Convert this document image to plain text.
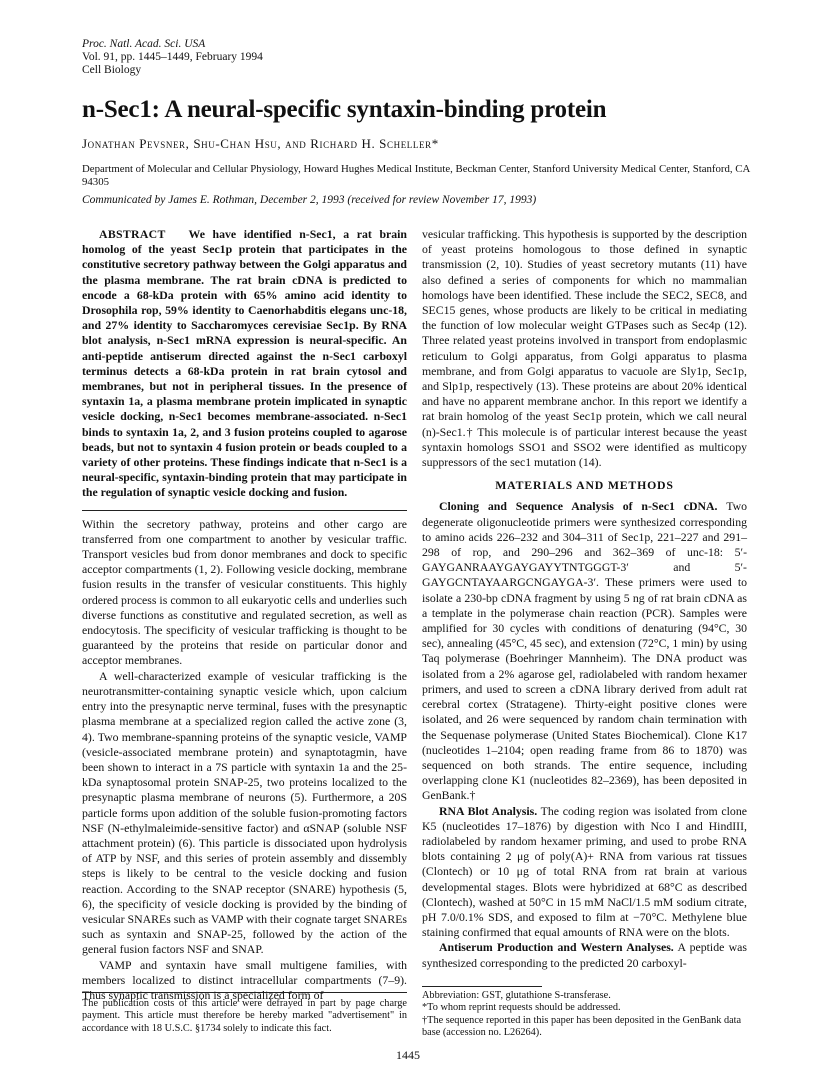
Proc. Natl. Acad. Sci. USA
Vol. 91, pp. 1445–1449, February 1994
Cell Biology
n-Sec1: A neural-specific syntaxin-binding protein
Jonathan Pevsner, Shu-Chan Hsu, and Richard H. Scheller*
Department of Molecular and Cellular Physiology, Howard Hughes Medical Institute, Beckman Center, Stanford University Medical Center, Stanford, CA 94305
Communicated by James E. Rothman, December 2, 1993 (received for review November 17, 1993)

ABSTRACT We have identified n-Sec1, a rat brain homolog of the yeast Sec1p protein that participates in the constitutive secretory pathway between the Golgi apparatus and the plasma membrane. The rat brain cDNA is predicted to encode a 68-kDa protein with 65% amino acid identity to Drosophila rop, 59% identity to Caenorhabditis elegans unc-18, and 27% identity to Saccharomyces cerevisiae Sec1p. By RNA blot analysis, n-Sec1 mRNA expression is neural-specific. An anti-peptide antiserum directed against the n-Sec1 carboxyl terminus detects a 68-kDa protein in rat brain cytosol and membranes, but not in peripheral tissues. In the presence of syntaxin 1a, a plasma membrane protein implicated in synaptic vesicle docking, n-Sec1 becomes membrane-associated. n-Sec1 binds to syntaxin 1a, 2, and 3 fusion proteins coupled to agarose beads, but not to syntaxin 4 fusion protein or beads coupled to a variety of other proteins. These findings indicate that n-Sec1 is a neural-specific, syntaxin-binding protein that may participate in the regulation of synaptic vesicle docking and fusion.

Within the secretory pathway, proteins and other cargo are transferred from one compartment to another by vesicular traffic. Transport vesicles bud from donor membranes and dock to specific acceptor compartments (1, 2). Following vesicle docking, membrane fusion results in the transfer of vesicular constituents. This highly ordered process is common to all eukaryotic cells and underlies such diverse functions as constitutive and regulated secretion, as well as endocytosis. The specificity of vesicular trafficking is thought to be guaranteed by the proteins that reside on particular donor and acceptor membranes.

A well-characterized example of vesicular trafficking is the neurotransmitter-containing synaptic vesicle which, upon calcium entry into the presynaptic nerve terminal, fuses with the presynaptic plasma membrane at a specialized region called the active zone (3, 4). Two membrane-spanning proteins of the synaptic vesicle, VAMP (vesicle-associated membrane protein) and synaptotagmin, have been shown to interact in a 7S particle with syntaxin 1a and the 25-kDa synaptosomal protein SNAP-25, two proteins localized to the presynaptic plasma membrane of neurons (5). Furthermore, a 20S particle forms upon addition of the soluble fusion-promoting factors NSF (N-ethylmaleimide-sensitive factor) and αSNAP (soluble NSF attachment protein) (6). This particle is dissociated upon hydrolysis of ATP by NSF, and this series of protein assembly and dissembly steps is likely to be central to the vesicle docking and fusion reaction. According to the SNAP receptor (SNARE) hypothesis (5, 6), the specificity of vesicle docking is provided by the binding of vesicular SNAREs such as VAMP with their cognate target SNAREs such as syntaxin and SNAP-25, followed by the action of the general fusion factors NSF and SNAP.

VAMP and syntaxin have small multigene families, with members localized to distinct intracellular compartments (7–9). Thus synaptic transmission is a specialized form of

vesicular trafficking. This hypothesis is supported by the description of yeast proteins homologous to those defined in synaptic transmission (2, 10). Studies of yeast secretory mutants (11) have also defined a series of components for which no mammalian homologs have been identified. These include the SEC2, SEC8, and SEC15 genes, whose products are likely to be critical in mediating the function of low molecular weight GTPases such as Sec4p (12). Three related yeast proteins involved in transport from endoplasmic reticulum to Golgi apparatus, from Golgi apparatus to plasma membrane, and from Golgi apparatus to vacuole are Sly1p, Sec1p, and Slp1p, respectively (13). These proteins are about 20% identical and have no apparent membrane anchor. In this report we identify a rat brain homolog of the yeast Sec1p protein, which we call neural (n)-Sec1.† This molecule is of particular interest because the yeast syntaxin homologs SSO1 and SSO2 were identified as multicopy suppressors of the sec1 mutation (14).

MATERIALS AND METHODS

Cloning and Sequence Analysis of n-Sec1 cDNA. Two degenerate oligonucleotide primers were synthesized corresponding to amino acids 226–232 and 304–311 of Sec1p, 221–227 and 291–298 of rop, and 290–296 and 362–369 of unc-18: 5′-GAYGANRAAYGAYGAYYTNTGGGT-3′ and 5′-GAYGCNTAYAARGCNGAYGA-3′. These primers were used to isolate a 230-bp cDNA fragment by using 5 ng of rat brain cDNA as a template in the polymerase chain reaction (PCR). Samples were amplified for 30 cycles with conditions of denaturing (94°C, 30 sec), annealing (45°C, 45 sec), and extension (72°C, 1 min) by using Taq polymerase (Boehringer Mannheim). The DNA product was isolated from a 2% agarose gel, radiolabeled with random hexamer primers, and used to screen a cDNA library derived from adult rat cerebral cortex (Stratagene). Thirty-eight positive clones were isolated, and 26 were sequenced by random chain termination with the Sequenase polymerase (United States Biochemical). Clone K17 (nucleotides 1–2104; open reading frame from 86 to 1870) was sequenced on both strands. The entire sequence, including overlapping clone K1 (nucleotides 82–2369), has been deposited in GenBank.†

RNA Blot Analysis. The coding region was isolated from clone K5 (nucleotides 17–1876) by digestion with Nco I and HindIII, radiolabeled by random hexamer priming, and used to probe RNA blots containing 2 μg of poly(A)+ RNA from various rat tissues (Clontech) or 10 μg of total RNA from rat brain at various developmental stages. Blots were hybridized at 68°C as described (Clontech), washed at 50°C in 15 mM NaCl/1.5 mM sodium citrate, pH 7.0/0.1% SDS, and exposed to film at −70°C. Methylene blue staining confirmed that equal amounts of RNA were on the blots.

Antiserum Production and Western Analyses. A peptide was synthesized corresponding to the predicted 20 carboxyl-

The publication costs of this article were defrayed in part by page charge payment. This article must therefore be hereby marked "advertisement" in accordance with 18 U.S.C. §1734 solely to indicate this fact.

Abbreviation: GST, glutathione S-transferase.

*To whom reprint requests should be addressed.

†The sequence reported in this paper has been deposited in the GenBank data base (accession no. L26264).

1445
